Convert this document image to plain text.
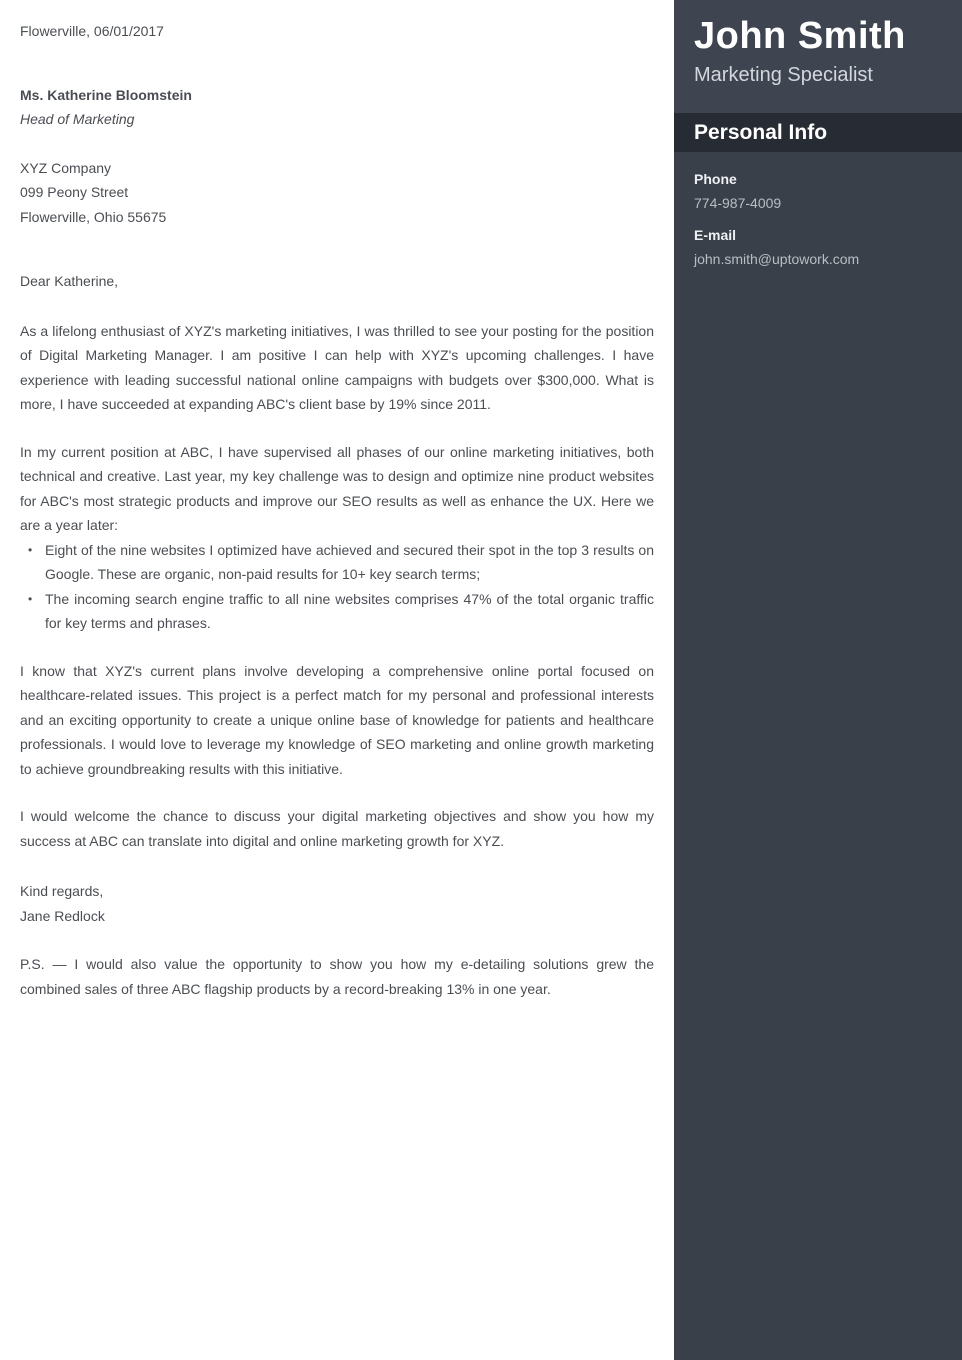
Flowerville, 06/01/2017
Ms. Katherine Bloomstein
Head of Marketing
XYZ Company
099 Peony Street
Flowerville, Ohio 55675
Dear Katherine,

As a lifelong enthusiast of XYZ's marketing initiatives, I was thrilled to see your posting for the position of Digital Marketing Manager. I am positive I can help with XYZ's upcoming challenges. I have experience with leading successful national online campaigns with budgets over $300,000. What is more, I have succeeded at expanding ABC's client base by 19% since 2011.

In my current position at ABC, I have supervised all phases of our online marketing initiatives, both technical and creative. Last year, my key challenge was to design and optimize nine product websites for ABC's most strategic products and improve our SEO results as well as enhance the UX. Here we are a year later:

• Eight of the nine websites I optimized have achieved and secured their spot in the top 3 results on Google. These are organic, non-paid results for 10+ key search terms;
• The incoming search engine traffic to all nine websites comprises 47% of the total organic traffic for key terms and phrases.

I know that XYZ's current plans involve developing a comprehensive online portal focused on healthcare-related issues. This project is a perfect match for my personal and professional interests and an exciting opportunity to create a unique online base of knowledge for patients and healthcare professionals. I would love to leverage my knowledge of SEO marketing and online growth marketing to achieve groundbreaking results with this initiative.

I would welcome the chance to discuss your digital marketing objectives and show you how my success at ABC can translate into digital and online marketing growth for XYZ.

Kind regards,
Jane Redlock

P.S. — I would also value the opportunity to show you how my e-detailing solutions grew the combined sales of three ABC flagship products by a record-breaking 13% in one year.

John Smith
Marketing Specialist
Personal Info
Phone
774-987-4009
E-mail
john.smith@uptowork.com
